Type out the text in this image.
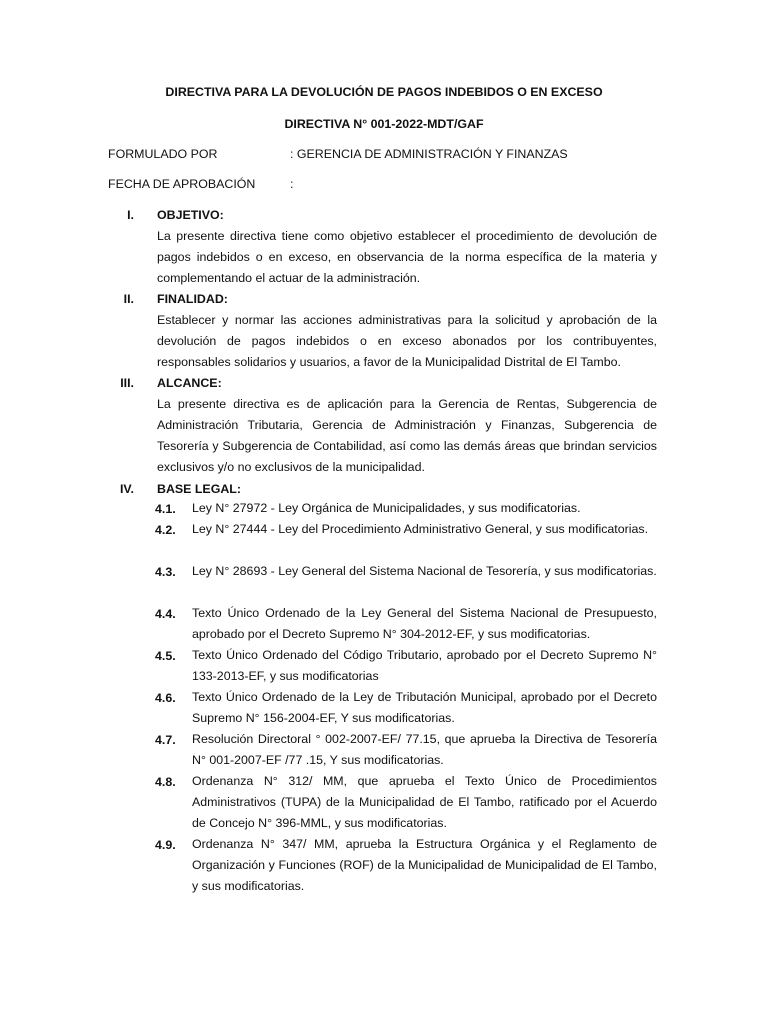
DIRECTIVA PARA LA DEVOLUCIÓN DE PAGOS INDEBIDOS O EN EXCESO
DIRECTIVA N° 001-2022-MDT/GAF
FORMULADO POR	: GERENCIA DE ADMINISTRACIÓN Y FINANZAS
FECHA DE APROBACIÓN	:
I. OBJETIVO:
La presente directiva tiene como objetivo establecer el procedimiento de devolución de pagos indebidos o en exceso, en observancia de la norma específica de la materia y complementando el actuar de la administración.
II. FINALIDAD:
Establecer y normar las acciones administrativas para la solicitud y aprobación de la devolución de pagos indebidos o en exceso abonados por los contribuyentes, responsables solidarios y usuarios, a favor de la Municipalidad Distrital de El Tambo.
III. ALCANCE:
La presente directiva es de aplicación para la Gerencia de Rentas, Subgerencia de Administración Tributaria, Gerencia de Administración y Finanzas, Subgerencia de Tesorería y Subgerencia de Contabilidad, así como las demás áreas que brindan servicios exclusivos y/o no exclusivos de la municipalidad.
IV. BASE LEGAL:
4.1.	Ley N° 27972 - Ley Orgánica de Municipalidades, y sus modificatorias.
4.2.	Ley N° 27444 - Ley del Procedimiento Administrativo General, y sus modificatorias.
4.3.	Ley N° 28693 - Ley General del Sistema Nacional de Tesorería, y sus modificatorias.
4.4.	Texto Único Ordenado de la Ley General del Sistema Nacional de Presupuesto, aprobado por el Decreto Supremo N° 304-2012-EF, y sus modificatorias.
4.5.	Texto Único Ordenado del Código Tributario, aprobado por el Decreto Supremo N° 133-2013-EF, y sus modificatorias
4.6.	Texto Único Ordenado de la Ley de Tributación Municipal, aprobado por el Decreto Supremo N° 156-2004-EF, Y sus modificatorias.
4.7.	Resolución Directoral ° 002-2007-EF/ 77.15, que aprueba la Directiva de Tesorería N° 001-2007-EF /77 .15, Y sus modificatorias.
4.8.	Ordenanza N° 312/ MM, que aprueba el Texto Único de Procedimientos Administrativos (TUPA) de la Municipalidad de El Tambo, ratificado por el Acuerdo de Concejo N° 396-MML, y sus modificatorias.
4.9.	Ordenanza N° 347/ MM, aprueba la Estructura Orgánica y el Reglamento de Organización y Funciones (ROF) de la Municipalidad de Municipalidad de El Tambo, y sus modificatorias.
